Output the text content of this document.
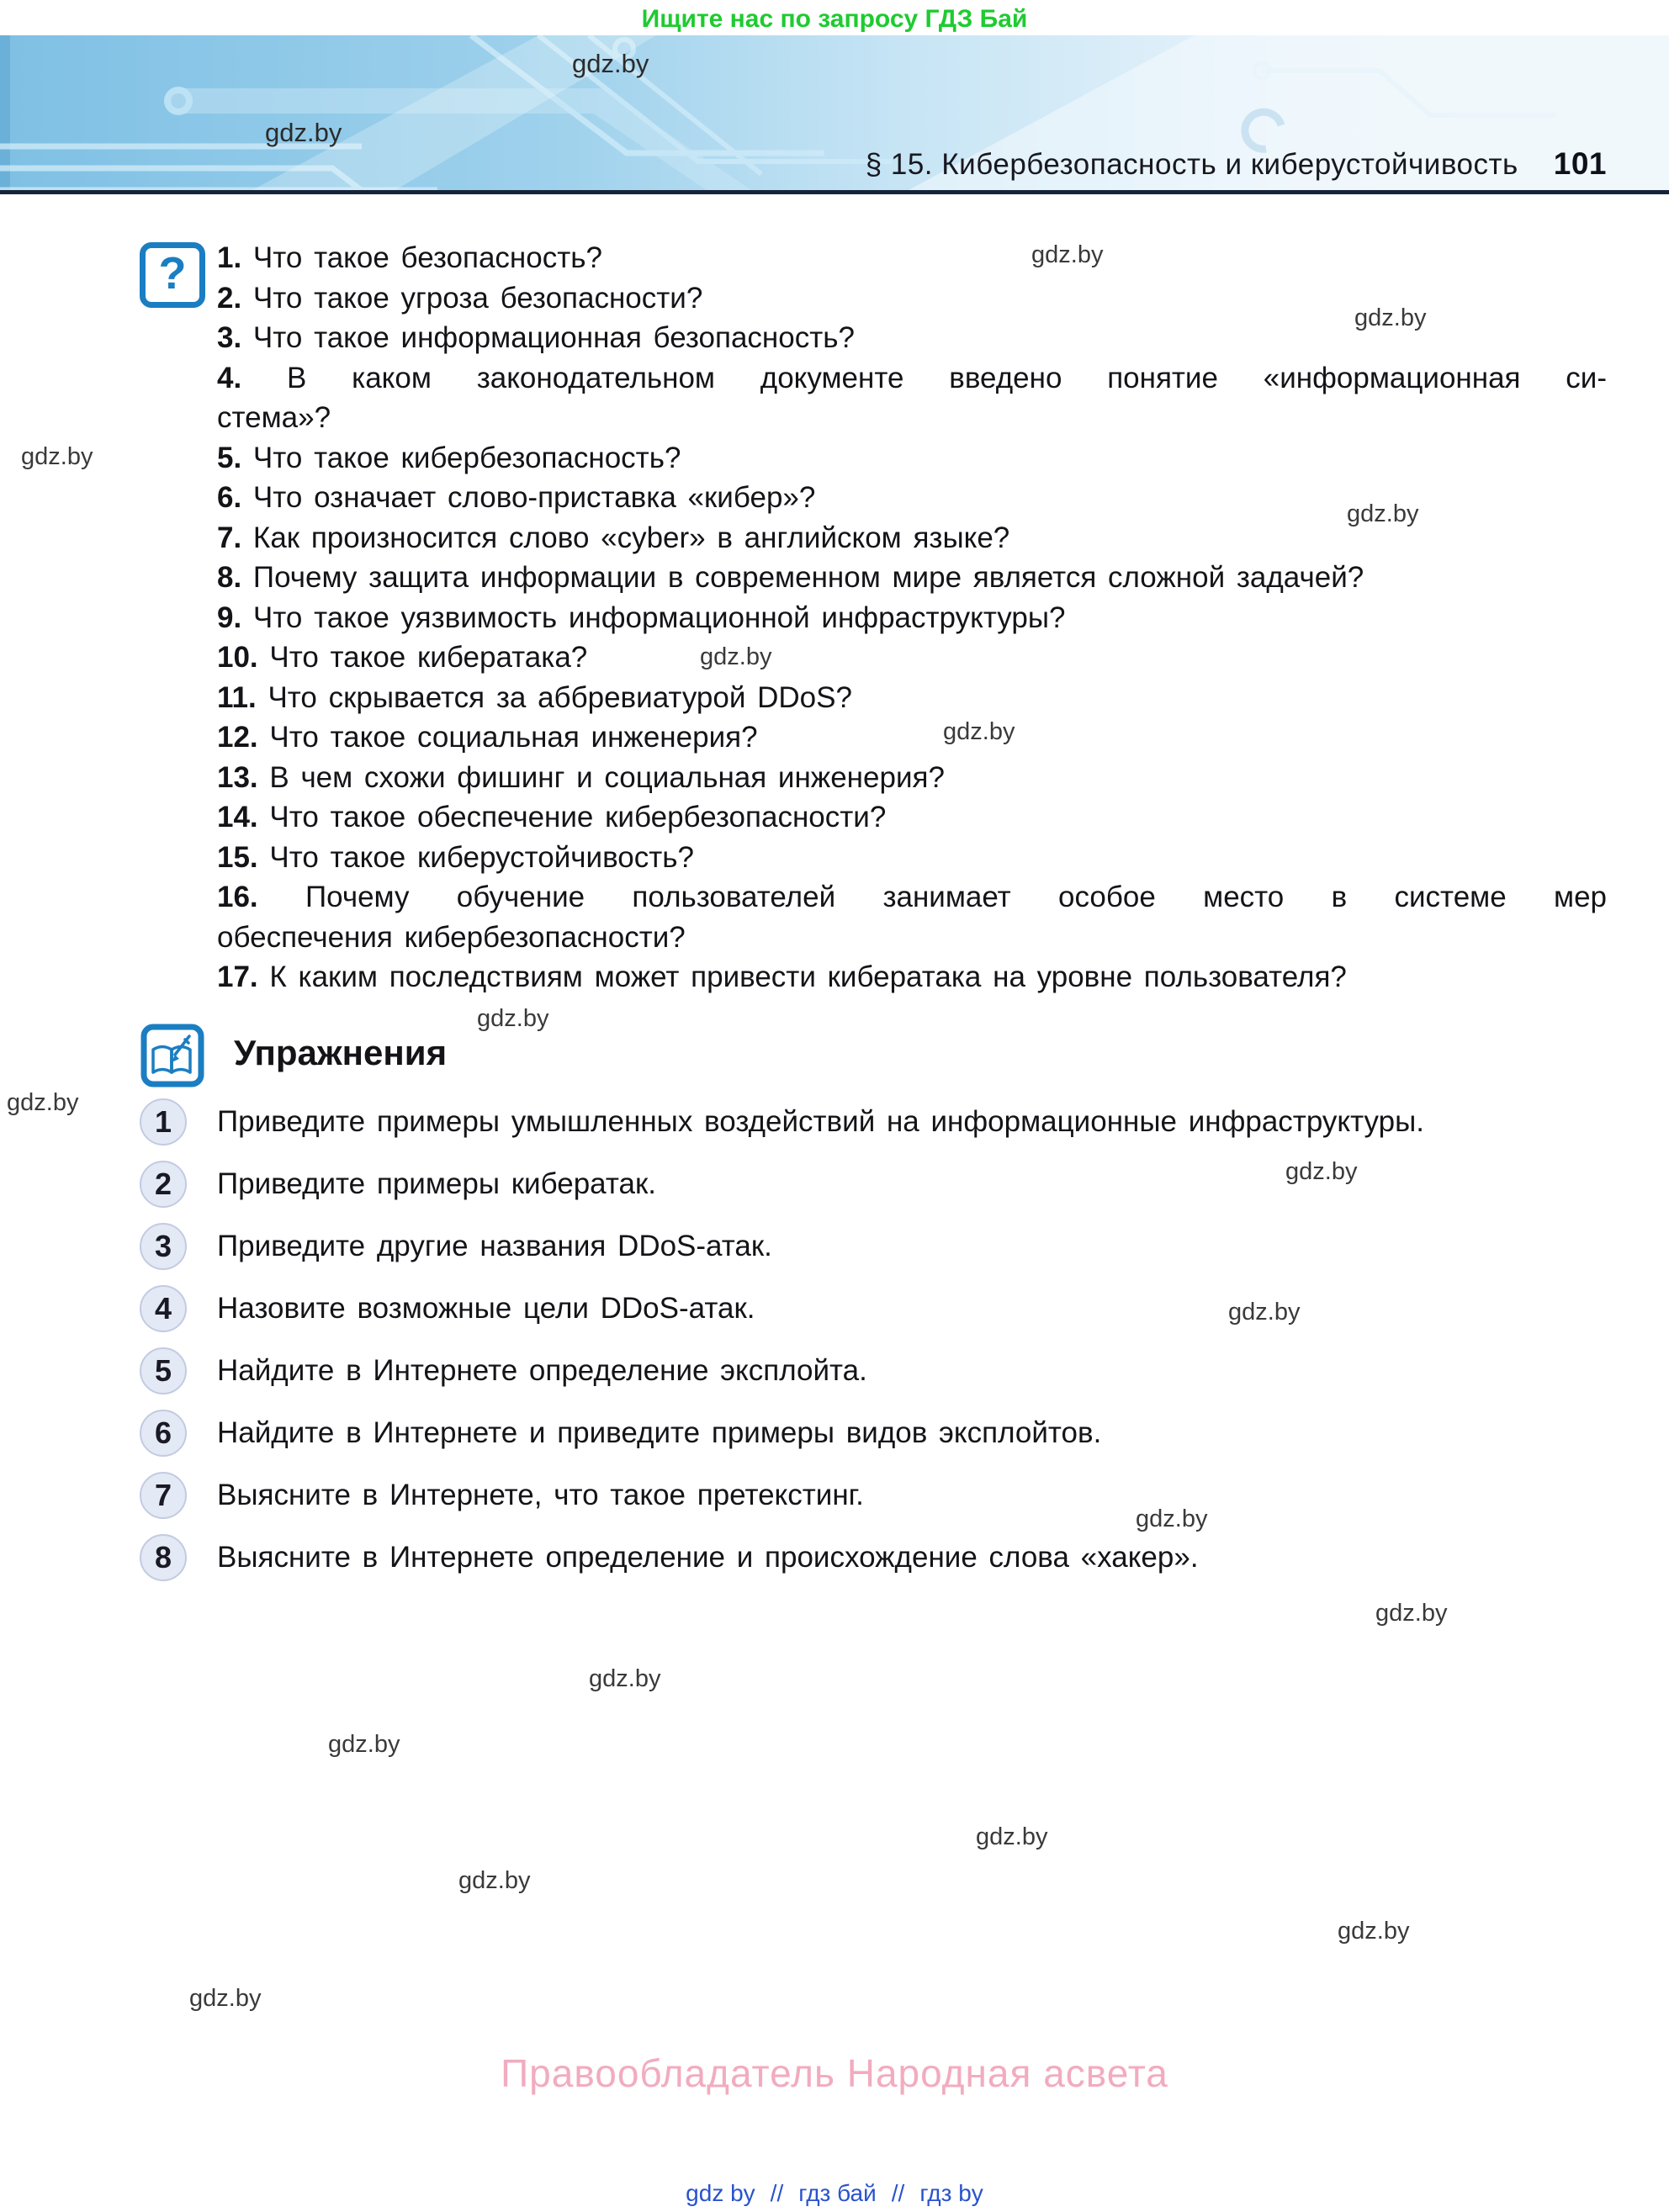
Ищите нас по запросу ГДЗ Бай
§ 15. Кибербезопасность и киберустойчивость 101
? 1. Что такое безопасность?
2. Что такое угроза безопасности?
3. Что такое информационная безопасность?
4. В каком законодательном документе введено понятие «информационная си-
стема»?
5. Что такое кибербезопасность?
6. Что означает слово-приставка «кибер»?
7. Как произносится слово «cyber» в английском языке?
8. Почему защита информации в современном мире является сложной задачей?
9. Что такое уязвимость информационной инфраструктуры?
10. Что такое кибератака?
11. Что скрывается за аббревиатурой DDoS?
12. Что такое социальная инженерия?
13. В чем схожи фишинг и социальная инженерия?
14. Что такое обеспечение кибербезопасности?
15. Что такое киберустойчивость?
16. Почему обучение пользователей занимает особое место в системе мер
обеспечения кибербезопасности?
17. К каким последствиям может привести кибератака на уровне пользователя?
Упражнения
1 Приведите примеры умышленных воздействий на информационные инфраструктуры.
2 Приведите примеры кибератак.
3 Приведите другие названия DDoS-атак.
4 Назовите возможные цели DDoS-атак.
5 Найдите в Интернете определение эксплойта.
6 Найдите в Интернете и приведите примеры видов эксплойтов.
7 Выясните в Интернете, что такое претекстинг.
8 Выясните в Интернете определение и происхождение слова «хакер».
Правообладатель Народная асвета
gdz by // гдз бай // гдз by
gdz.by
gdz.by
gdz.by
gdz.by
gdz.by
gdz.by
gdz.by
gdz.by
gdz.by
gdz.by
gdz.by
gdz.by
gdz.by
gdz.by
gdz.by
gdz.by
gdz.by
gdz.by
gdz.by
gdz.by
